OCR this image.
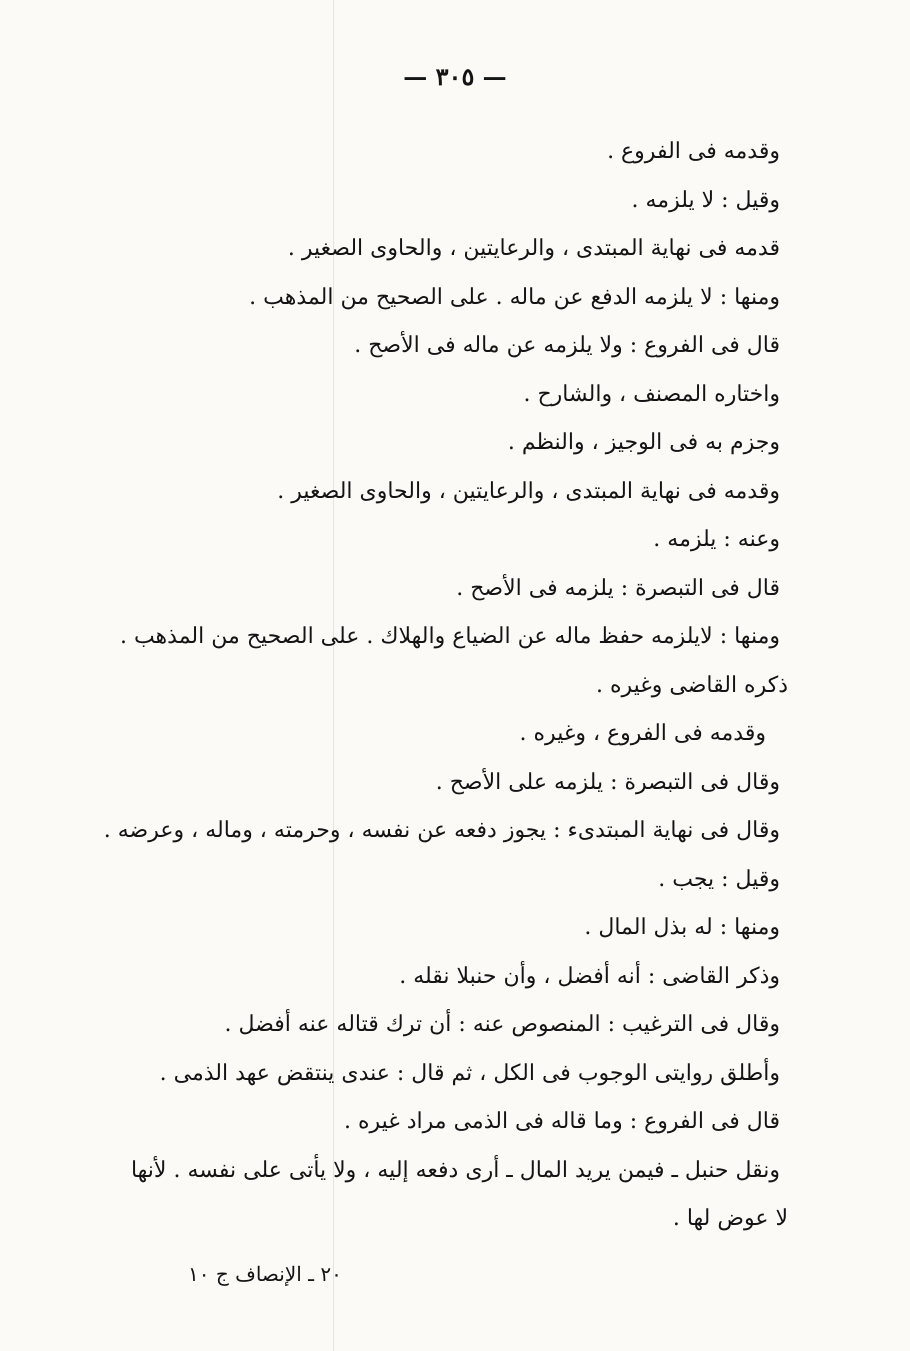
— ٣٠٥ —
وقدمه فى الفروع .
وقيل : لا يلزمه .
قدمه فى نهاية المبتدى ، والرعايتين ، والحاوى الصغير .
ومنها : لا يلزمه الدفع عن ماله . على الصحيح من المذهب .
قال فى الفروع : ولا يلزمه عن ماله فى الأصح .
واختاره المصنف ، والشارح .
وجزم به فى الوجيز ، والنظم .
وقدمه فى نهاية المبتدى ، والرعايتين ، والحاوى الصغير .
وعنه : يلزمه .
قال فى التبصرة : يلزمه فى الأصح .
ومنها : لايلزمه حفظ ماله عن الضياع والهلاك . على الصحيح من المذهب .
ذكره القاضى وغيره .
وقدمه فى الفروع ، وغيره .
وقال فى التبصرة : يلزمه على الأصح .
وقال فى نهاية المبتدىء : يجوز دفعه عن نفسه ، وحرمته ، وماله ، وعرضه .
وقيل : يجب .
ومنها : له بذل المال .
وذكر القاضى : أنه أفضل ، وأن حنبلا نقله .
وقال فى الترغيب : المنصوص عنه : أن ترك قتاله عنه أفضل .
وأطلق روايتى الوجوب فى الكل ، ثم قال : عندى ينتقض عهد الذمى .
قال فى الفروع : وما قاله فى الذمى مراد غيره .
ونقل حنبل ـ فيمن يريد المال ـ أرى دفعه إليه ، ولا يأتى على نفسه . لأنها
لا عوض لها .
٢٠ ـ الإنصاف ج ١٠
